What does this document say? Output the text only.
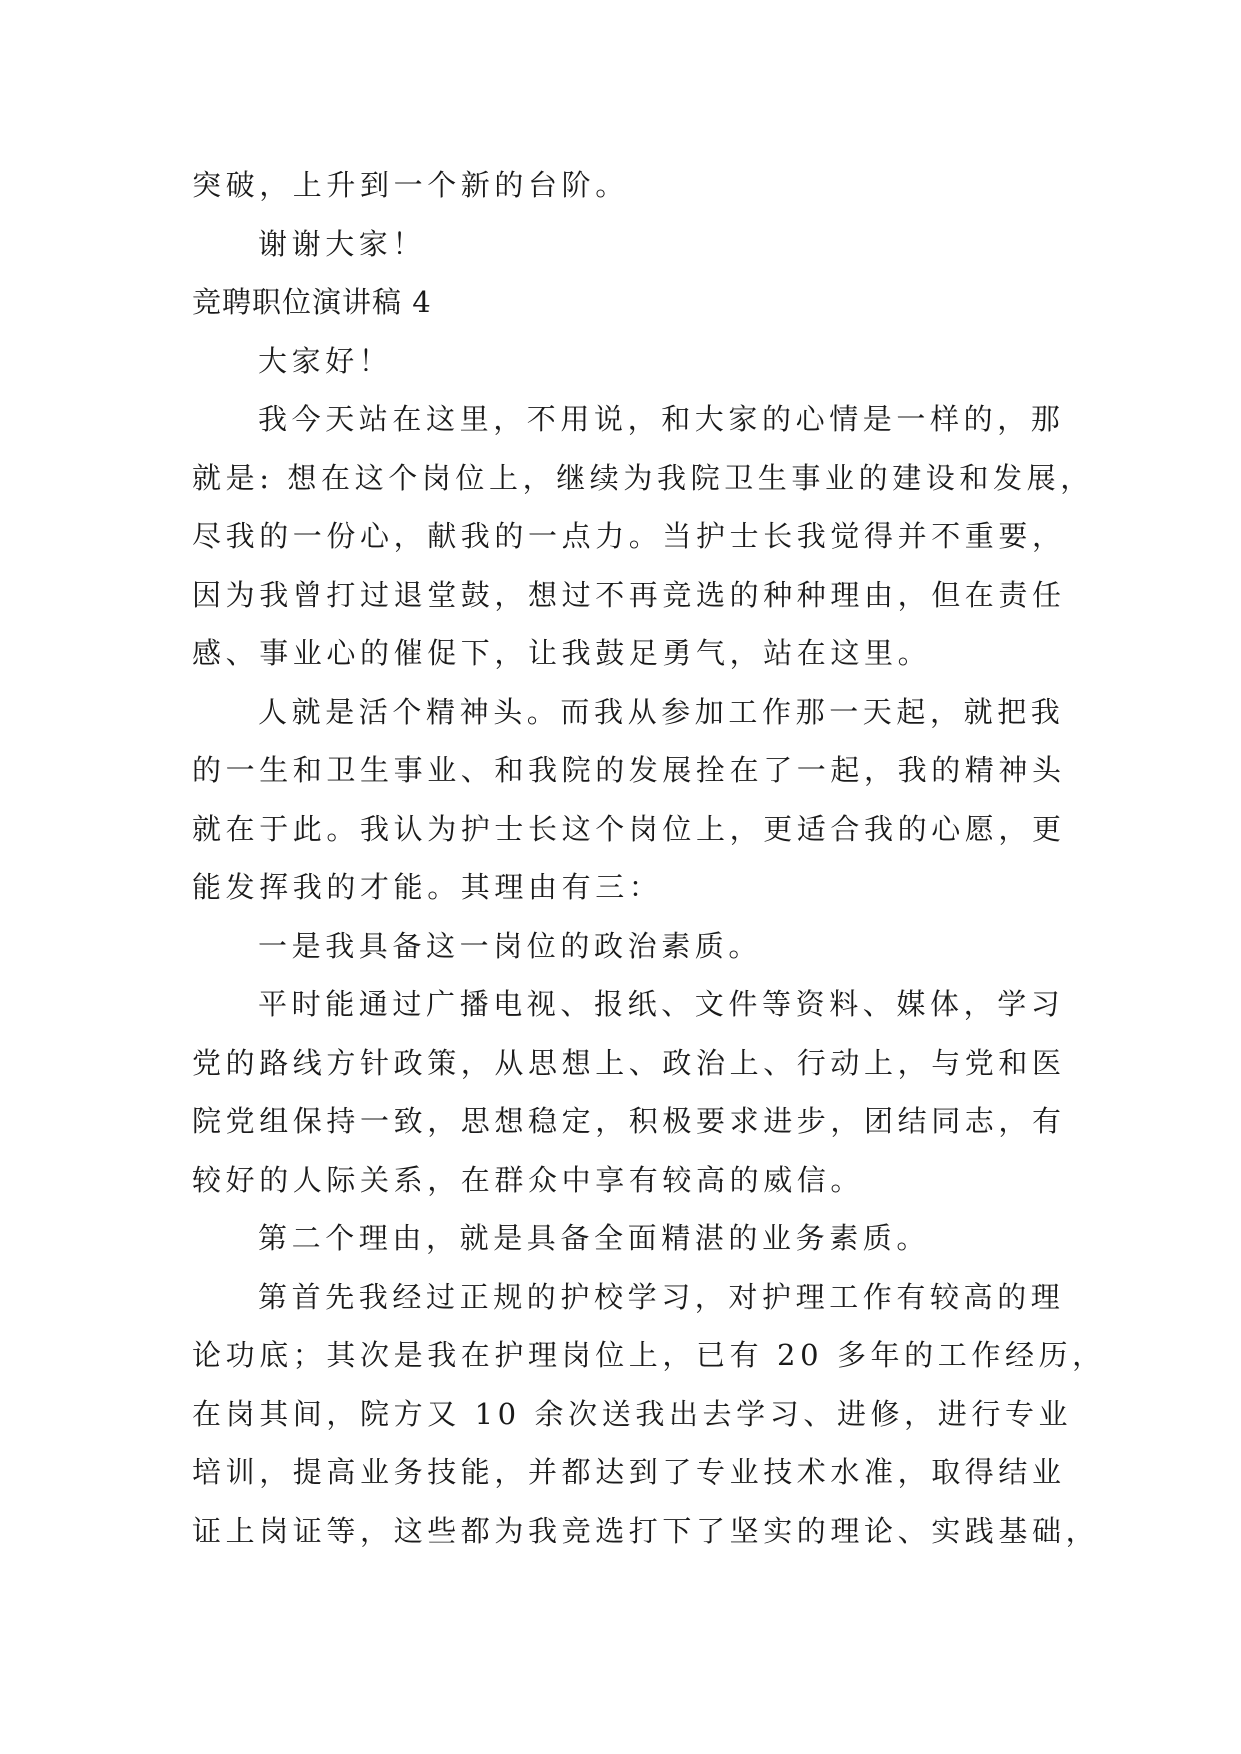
突破，上升到一个新的台阶。
谢谢大家！
竞聘职位演讲稿 4
大家好！
我今天站在这里，不用说，和大家的心情是一样的，那
就是: 想在这个岗位上，继续为我院卫生事业的建设和发展，
尽我的一份心，献我的一点力。当护士长我觉得并不重要，
因为我曾打过退堂鼓，想过不再竞选的种种理由，但在责任
感、事业心的催促下，让我鼓足勇气，站在这里。
人就是活个精神头。而我从参加工作那一天起，就把我
的一生和卫生事业、和我院的发展拴在了一起，我的精神头
就在于此。我认为护士长这个岗位上，更适合我的心愿，更
能发挥我的才能。其理由有三：
一是我具备这一岗位的政治素质。
平时能通过广播电视、报纸、文件等资料、媒体，学习
党的路线方针政策，从思想上、政治上、行动上，与党和医
院党组保持一致，思想稳定，积极要求进步，团结同志，有
较好的人际关系，在群众中享有较高的威信。
第二个理由，就是具备全面精湛的业务素质。
第首先我经过正规的护校学习，对护理工作有较高的理
论功底；其次是我在护理岗位上，已有 20 多年的工作经历，
在岗其间，院方又 10 余次送我出去学习、进修，进行专业
培训，提高业务技能，并都达到了专业技术水准，取得结业
证上岗证等，这些都为我竞选打下了坚实的理论、实践基础，
